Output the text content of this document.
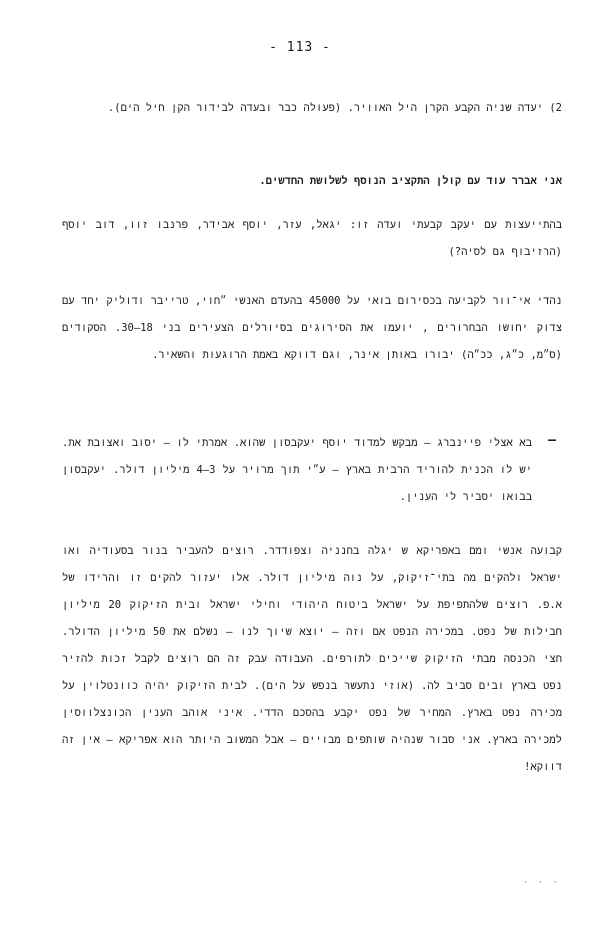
- 113 -
2) יעדה שניה הקבע הקרן היל האוויר. (פעולה כבר ובעדה לבידור הקן חיל הים).
אני אברר עוד עם קולן התקציב הנוסף לשלושת החדשים.
בהתייעצות עם יעקב קבעתי ועדה זו: יגאל, עזר, יוסף אבידר, פרנבו זוו, דוב יוסף (הרזיבוף גם לסיה?)
נהדי אי־וור לקביעה בכסירום בואי על 45000 בהעדם האנשי ״חוי, טרייבר ודוליק יחד עם צדוק יחושו הבחרורים , יועמו את הסירוגים בסיורלים הצעירים בני 18—30. הסקודים (ס״מ, כ״ג, ככ״ה) יבורו באותן אינר, וגם דווקא באמת הרוגעות והשאיר.
–
בא אצלי פיינברג – מבקש למדוד יוסף יעקבסון שהוא. אמרתי לו – יסוב ואצובת את. יש לו הכנית להוריד הרבית בארץ – ע״י תוך מרויר על 3—4 מיליון דולר. יעקבסון בבואו יסביר לי הענין.
קבועה אנשי ומם באפריקא ש יגלה בחנניה וצפודדר. רוצים להעביר בנור בסעודיה ואו ישראל ולהקים מה בתי־זיקוק, על נוה מיליון דולר. אלו יעזור להקים זו והרידו של א.פ. רוצים שלהתפיפת על ישראל ביטוח היהודי וחילי ישראל ובית הזיקוק 20 מיליון חבילות של נפט. במכירה הנפט אם וזה – יוצא שיוך לנו – נשלם את 50 מיליון הדולר. חצי הכנסה מבתי הזיקוק שייכים לתורפים. העבודה עבק זה הם רוצים לקבל זכות להזיר נפט בארץ ובים סביב לה. (אוזי נתעשר בנפש על הים). לבית הזיקוק יהיה כוונטלוין על מכירה נפט בארץ. המחיר של נפט יקבע בהסכם הדדי. איני אוהב הענין הכונצלווסין למכירה בארץ. אני סבור שנהיה שותפים מבויים – אבל המשוב היותר הוא אפריקא – אין זה דווקא!
· · ·
